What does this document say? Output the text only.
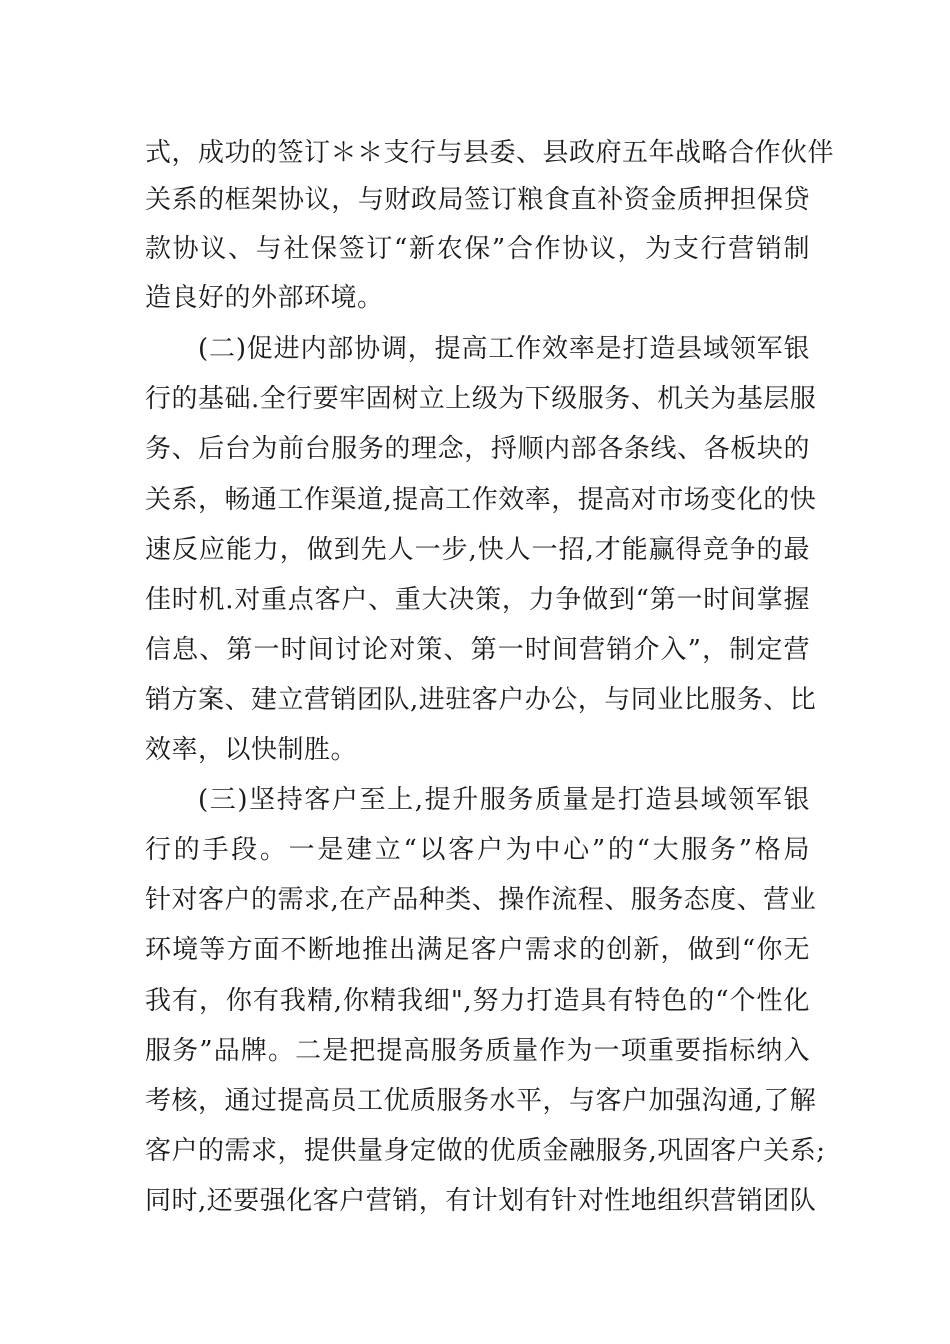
式，成功的签订＊＊支行与县委、县政府五年战略合作伙伴
关系的框架协议，与财政局签订粮食直补资金质押担保贷
款协议、与社保签订“新农保”合作协议，为支行营销制
造良好的外部环境。
(二)促进内部协调，提高工作效率是打造县域领军银
行的基础.全行要牢固树立上级为下级服务、机关为基层服
务、后台为前台服务的理念，捋顺内部各条线、各板块的
关系，畅通工作渠道,提高工作效率，提高对市场变化的快
速反应能力，做到先人一步,快人一招,才能赢得竞争的最
佳时机.对重点客户、重大决策，力争做到“第一时间掌握
信息、第一时间讨论对策、第一时间营销介入”，制定营
销方案、建立营销团队,进驻客户办公，与同业比服务、比
效率，以快制胜。
(三)坚持客户至上,提升服务质量是打造县域领军银
行的手段。一是建立“以客户为中心”的“大服务”格局
针对客户的需求,在产品种类、操作流程、服务态度、营业
环境等方面不断地推出满足客户需求的创新，做到“你无
我有，你有我精,你精我细",努力打造具有特色的“个性化
服务”品牌。二是把提高服务质量作为一项重要指标纳入
考核，通过提高员工优质服务水平，与客户加强沟通,了解
客户的需求，提供量身定做的优质金融服务,巩固客户关系;
同时,还要强化客户营销，有计划有针对性地组织营销团队
